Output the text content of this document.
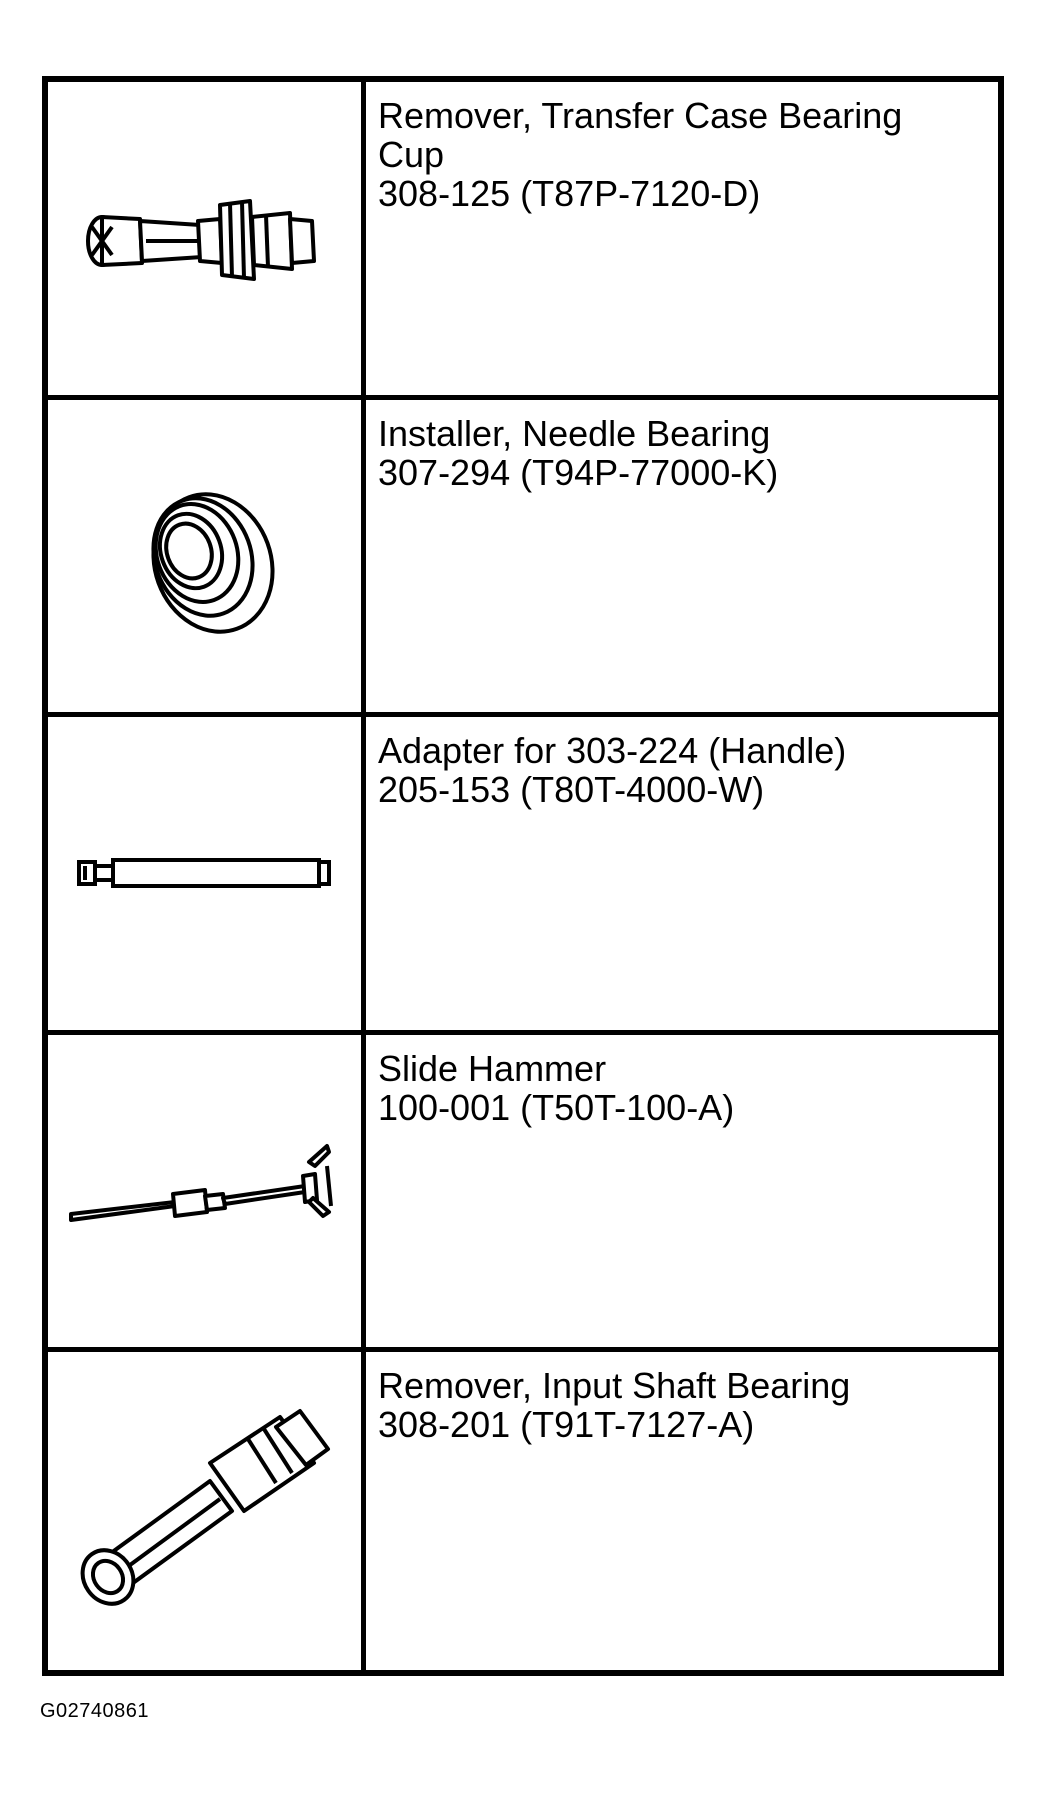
Remover, Transfer Case Bearing
Cup
308-125 (T87P-7120-D)
Installer, Needle Bearing
307-294 (T94P-77000-K)
Adapter for 303-224 (Handle)
205-153 (T80T-4000-W)
Slide Hammer
100-001 (T50T-100-A)
Remover, Input Shaft Bearing
308-201 (T91T-7127-A)
G02740861
